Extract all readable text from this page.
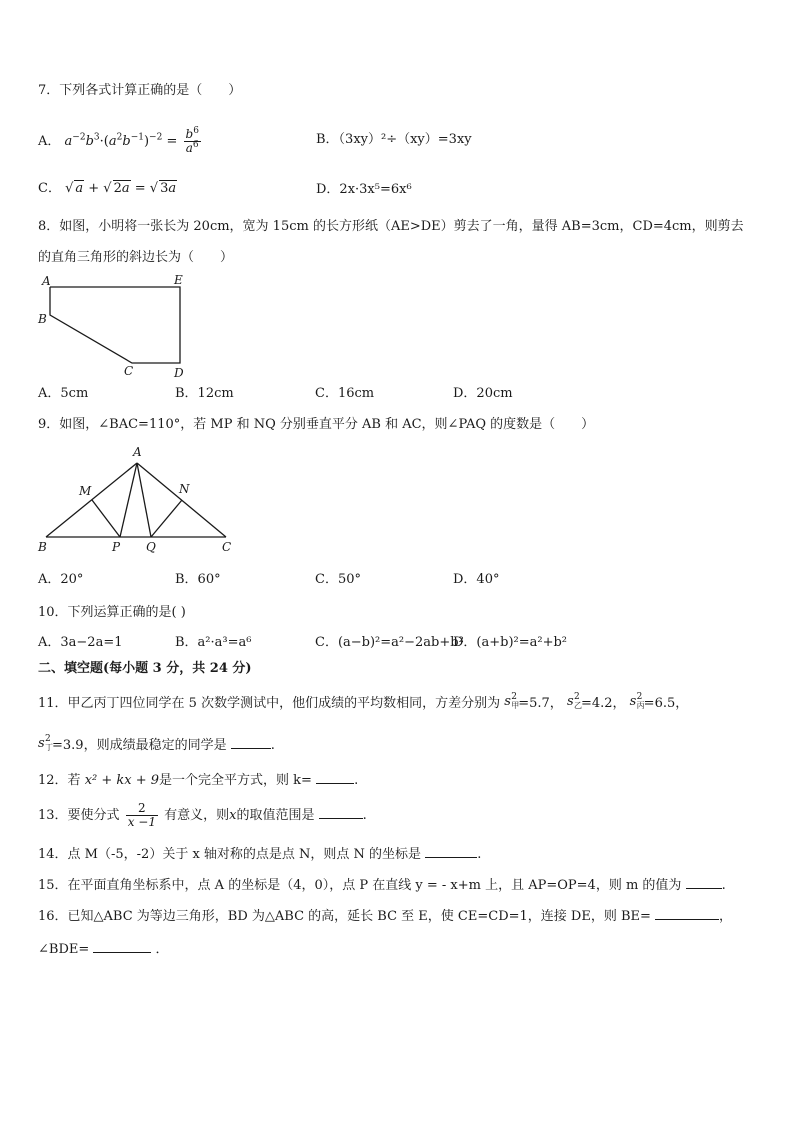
7．下列各式计算正确的是（　　）
A． $a^{-2}b^3\cdot(a^2b^{-1})^{-2} = \frac{b^6}{a^6}$	B．（3xy）²÷（xy）=3xy
C． √ a + √ 2a = √ 3a	D．2x·3x⁵=6x⁶
8．如图，小明将一张长为 20cm，宽为 15cm 的长方形纸（AE>DE）剪去了一角，量得 AB=3cm，CD=4cm，则剪去
的直角三角形的斜边长为（　　）
A	E
B
C	D
A．5cm	B．12cm	C．16cm	D．20cm
9．如图，∠BAC=110°，若 MP 和 NQ 分别垂直平分 AB 和 AC，则∠PAQ 的度数是（　　）
A
M	N
B	P Q	C
A．20°	B．60°	C．50°	D．40°
10．下列运算正确的是( )
A．3a−2a=1	B．a²·a³=a⁶	C．(a−b)²=a²−2ab+b²
D．(a+b)²=a²+b²
二、填空题(每小题 3 分，共 24 分)
11．甲乙丙丁四位同学在 5 次数学测试中，他们成绩的平均数相同，方差分别为 s 2
甲 =5.7， s 2
乙 =4.2， s 2
丙 =6.5，
s 2
丁 =3.9，则成绩最稳定的同学是	.
12．若 x² + kx + 9是一个完全平方式，则 k=	.
13．要使分式 $\frac{2}{x -1}$ 有意义，则x的取值范围是	.
14．点 M（-5，-2）关于 x 轴对称的点是点 N，则点 N 的坐标是	.
15．在平面直角坐标系中，点 A 的坐标是（4，0），点 P 在直线 y = - x+m 上，且 AP=OP=4，则 m 的值为	.
16．已知△ABC 为等边三角形，BD 为△ABC 的高，延长 BC 至 E，使 CE=CD=1，连接 DE，则 BE=	，
∠BDE=	．
